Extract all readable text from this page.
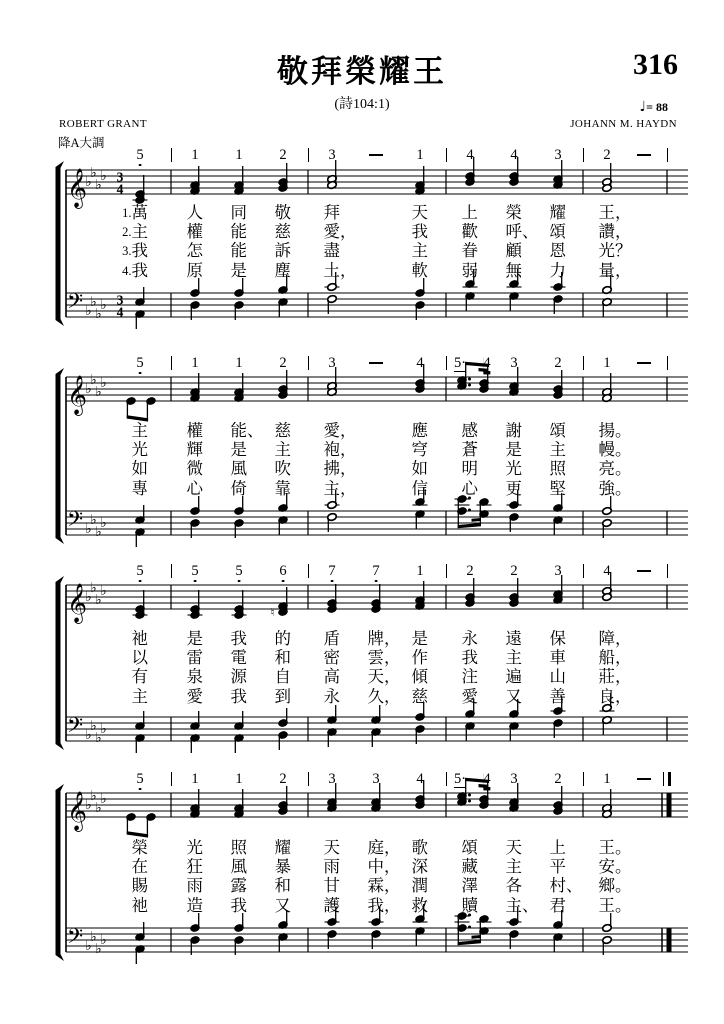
敬拜榮耀王	316
(詩104:1)	♩= 88
ROBERT GRANT	JOHANN M. HAYDN
降A大調
𝄞
𝄢
♭
♭
♭
♭
♭
♭
♭
♭
3
3
4
4
𝄞
𝄢
♭
♭
♭
♭
♭
♭
♭
♭
𝄞
𝄢
♭
♭
♭
♭
♭
♭
♭
♭
♮
𝄞
𝄢
♭
♭
♭
♭
♭
♭
♭
♭
5	1	1	2	3	1	4	4	3	2
1. 萬 人 同 敬 拜	天 上 榮 耀 王，
2. 主 權 能 慈 愛，	我 歡 呼、 頌 讚，
3. 我 怎 能 訴 盡	主 眷 顧 恩 光？
4. 我 原 是 塵 土，	軟 弱 無 力 量，
5	1	1	2	3	4 5· 4 3	2	1
主 權 能、 慈 愛，	應 感 謝 頌 揚。
光 輝 是 主 袍，	穹 蒼 是 主 幔。
如 微 風 吹 拂，	如 明 光 照 亮。
專 心 倚 靠 主，	信 心 更 堅 強。
5	5	5	6	7	7	1	2	2	3	4
祂 是 我 的 盾 牌， 是 永 遠 保 障，
以 雷 電 和 密 雲， 作 我 主 車 船，
有 泉 源 自 高 天， 傾 注 遍 山 莊，
主 愛 我 到 永 久， 慈 愛 又 善 良，
5	1	1	2	3	3	4 5· 4 3	2	1
榮 光 照 耀 天 庭， 歌 頌 天 上 王。
在 狂 風 暴 雨 中， 深 藏 主 平 安。
賜 雨 露 和 甘 霖， 潤 澤 各 村、 鄉。
祂 造 我 又 護 我， 救 贖 主、 君 王。
